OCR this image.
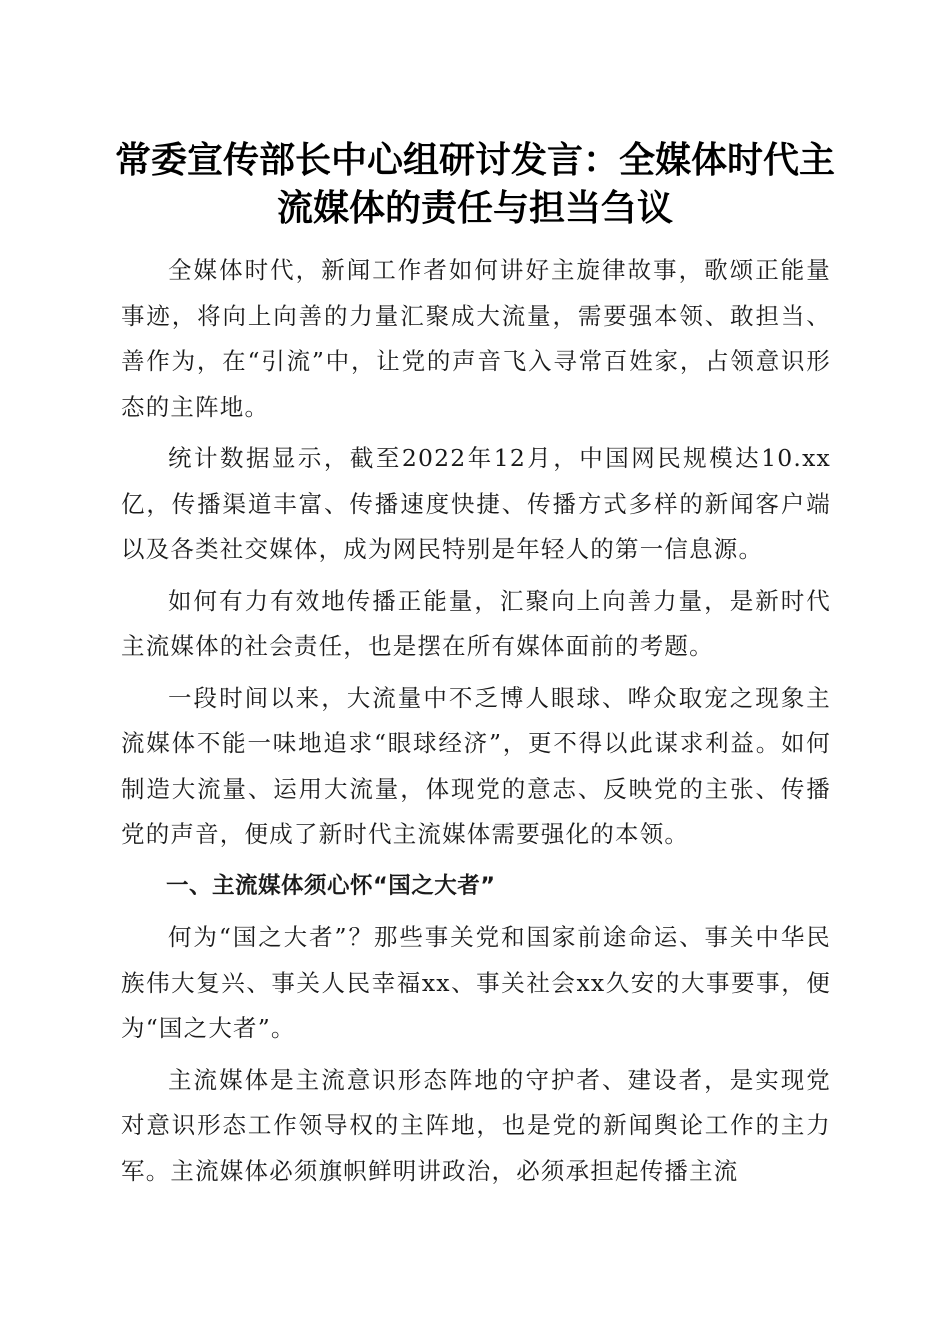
常委宣传部长中心组研讨发言：全媒体时代主
流媒体的责任与担当刍议

全媒体时代，新闻工作者如何讲好主旋律故事，歌颂正能量事迹，将向上向善的力量汇聚成大流量，需要强本领、敢担当、善作为，在“引流”中，让党的声音飞入寻常百姓家，占领意识形态的主阵地。

统计数据显示，截至2022年12月，中国网民规模达10.xx亿，传播渠道丰富、传播速度快捷、传播方式多样的新闻客户端以及各类社交媒体，成为网民特别是年轻人的第一信息源。

如何有力有效地传播正能量，汇聚向上向善力量，是新时代主流媒体的社会责任，也是摆在所有媒体面前的考题。

一段时间以来，大流量中不乏博人眼球、哗众取宠之现象主流媒体不能一味地追求“眼球经济”，更不得以此谋求利益。如何制造大流量、运用大流量，体现党的意志、反映党的主张、传播党的声音，便成了新时代主流媒体需要强化的本领。

一、主流媒体须心怀“国之大者”

何为“国之大者”？那些事关党和国家前途命运、事关中华民族伟大复兴、事关人民幸福xx、事关社会xx久安的大事要事，便为“国之大者”。

主流媒体是主流意识形态阵地的守护者、建设者，是实现党对意识形态工作领导权的主阵地，也是党的新闻舆论工作的主力军。主流媒体必须旗帜鲜明讲政治，必须承担起传播主流
